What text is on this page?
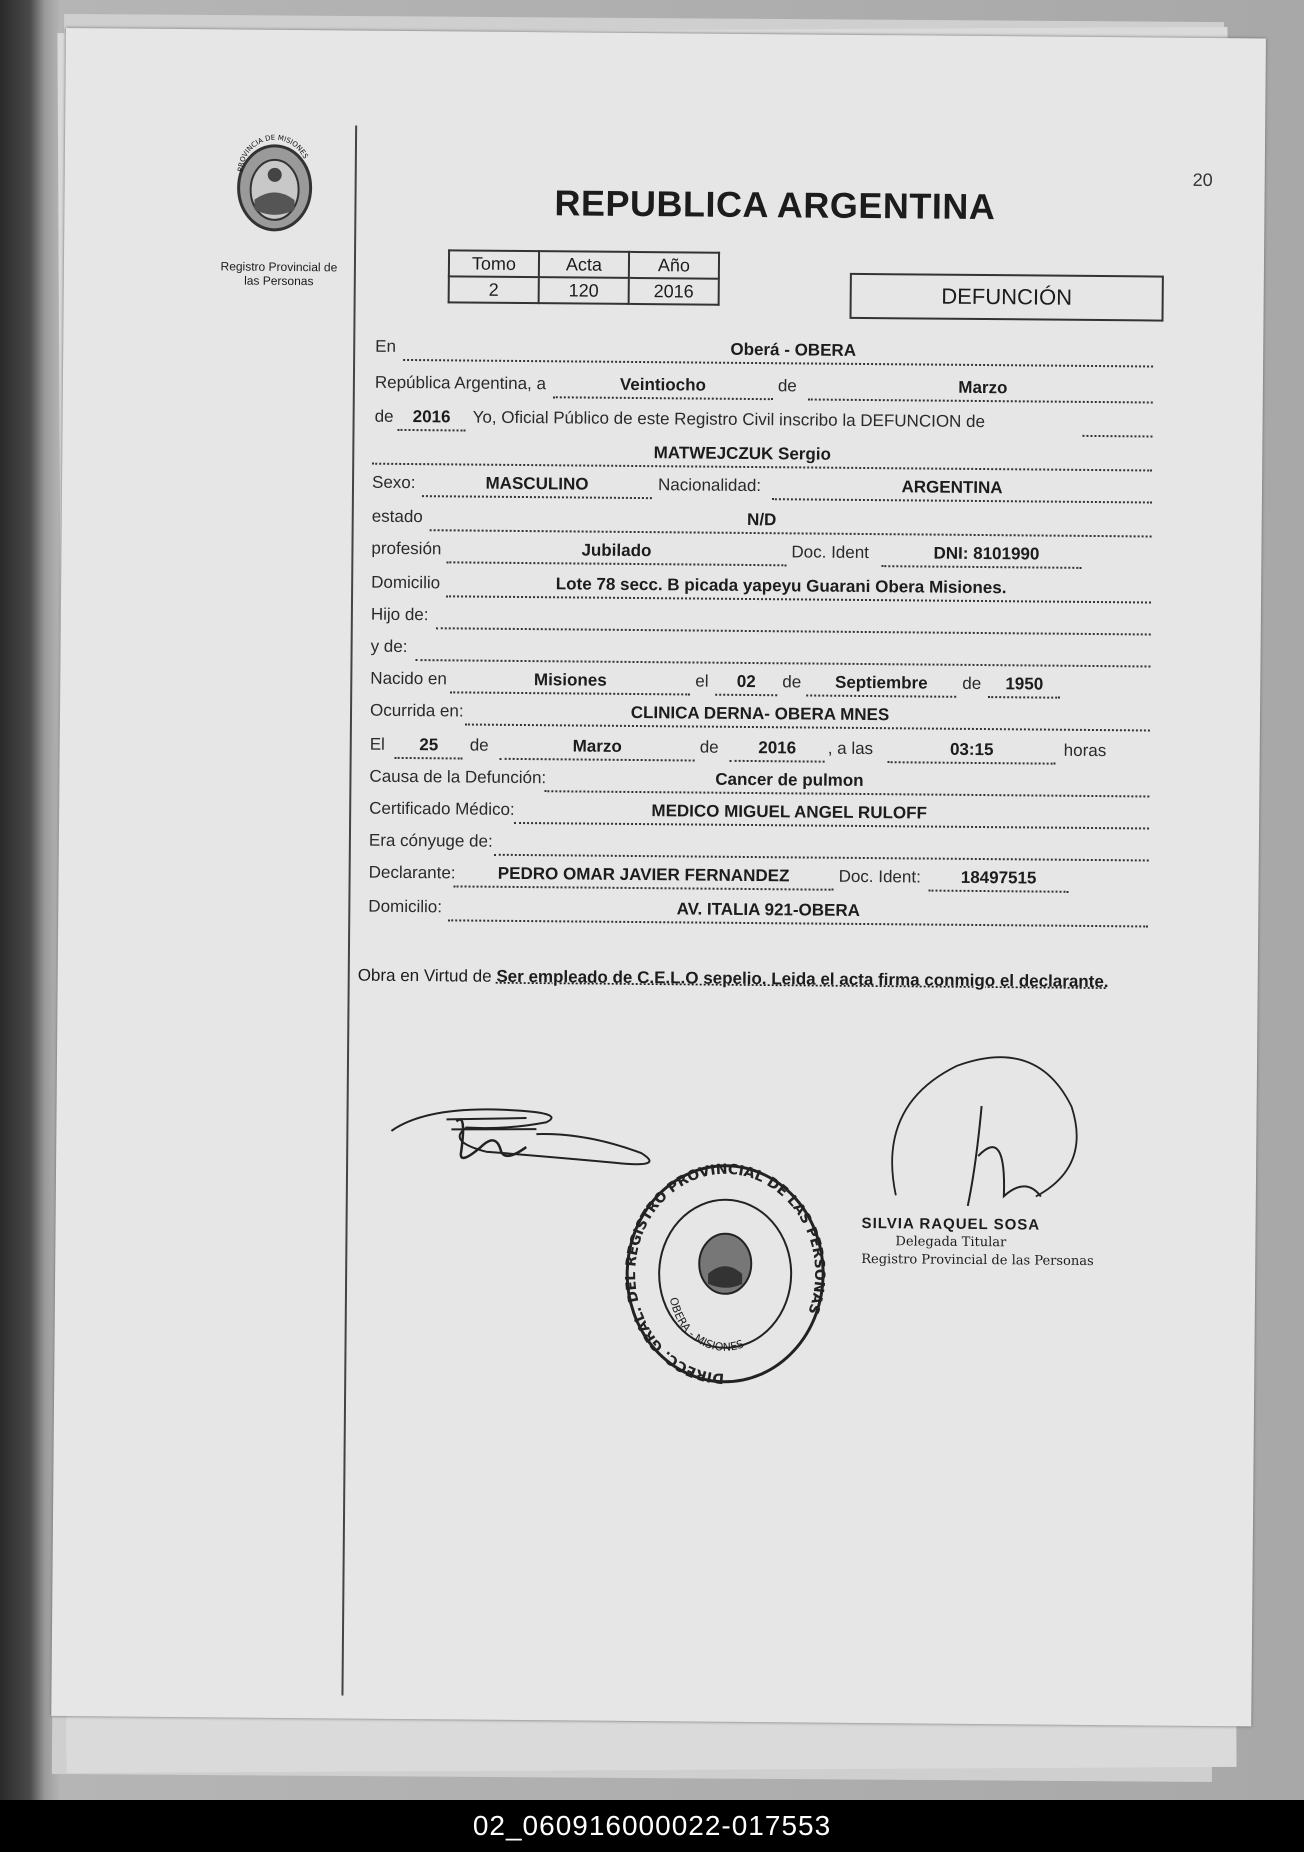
20
PROVINCIA DE MISIONES
Registro Provincial de
las Personas
REPUBLICA ARGENTINA
Tomo	Acta	Año
2	120	2016	DEFUNCIÓN
En	Oberá - OBERA
República Argentina, a	Veintiocho	de	Marzo
de	2016	Yo, Oficial Público de este Registro Civil inscribo la DEFUNCION de
MATWEJCZUK Sergio
Sexo:	MASCULINO	Nacionalidad:	ARGENTINA
estado	N/D
profesión	Jubilado	Doc. Ident	DNI: 8101990
Domicilio	Lote 78 secc. B picada yapeyu Guarani Obera Misiones.
Hijo de:
y de:
Nacido en	Misiones	el	02	de	Septiembre	de	1950
Ocurrida en:	CLINICA DERNA- OBERA MNES
El	25	de	Marzo	de	2016	, a las	03:15	horas
Causa de la Defunción:	Cancer de pulmon
Certificado Médico:	MEDICO MIGUEL ANGEL RULOFF
Era cónyuge de:
Declarante:	PEDRO OMAR JAVIER FERNANDEZ	Doc. Ident:	18497515
Domicilio:	AV. ITALIA 921-OBERA
Obra en Virtud de Ser empleado de C.E.L.O sepelio. Leida el acta firma conmigo el declarante.
DIRECC. GRAL. DEL REGISTRO PROVINCIAL DE LAS PERSONAS
OBERA - MISIONES
SILVIA RAQUEL SOSA
Delegada Titular
Registro Provincial de las Personas
02_060916000022-017553
